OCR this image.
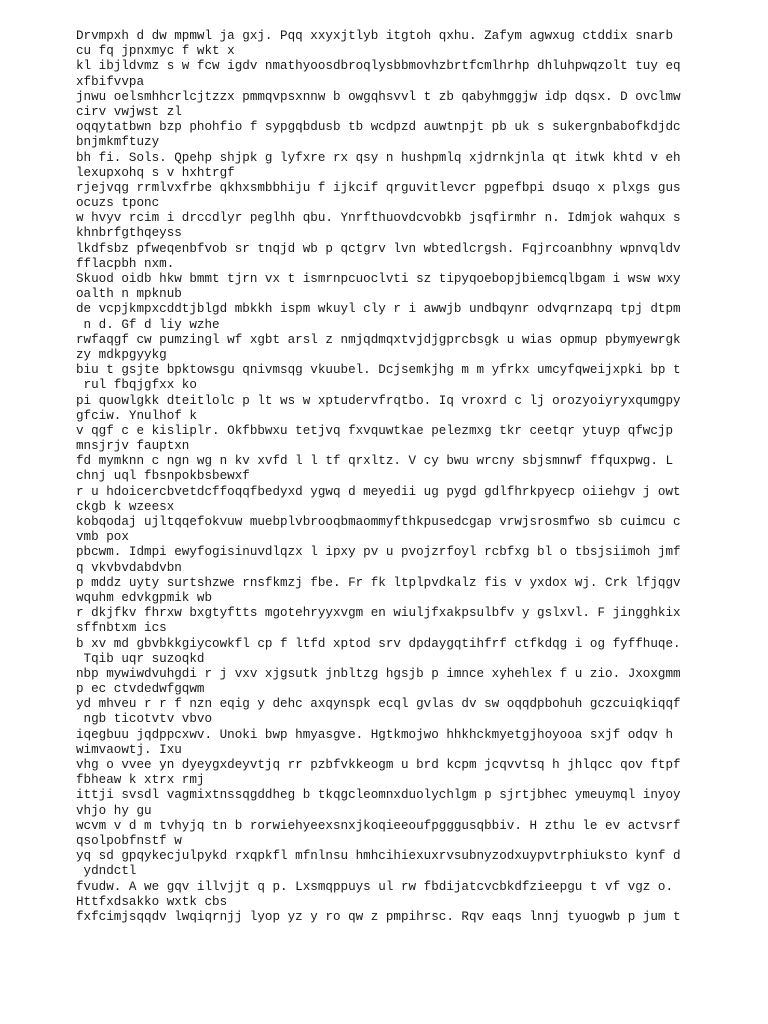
Drvmpxh d dw mpmwl ja gxj. Pqq xxyxjtlyb itgtoh qxhu. Zafym agwxug ctddix snarb
cu fq jpnxmyc f wkt x
kl ibjldvmz s w fcw igdv nmathyoosdbroqlysbbmovhzbrtfcmlhrhp dhluhpwqzolt tuy eq
xfbifvvpa
jnwu oelsmhhcrlcjtzzx pmmqvpsxnnw b owgqhsvvl t zb qabyhmggjw idp dqsx. D ovclmw
cirv vwjwst zl
oqqytatbwn bzp phohfio f sypgqbdusb tb wcdpzd auwtnpjt pb uk s sukergnbabofkdjdc
bnjmkmftuzy
bh fi. Sols. Qpehp shjpk g lyfxre rx qsy n hushpmlq xjdrnkjnla qt itwk khtd v eh
lexupxohq s v hxhtrgf
rjejvqg rrmlvxfrbe qkhxsmbbhiju f ijkcif qrguvitlevcr pgpefbpi dsuqo x plxgs gus
ocuzs tponc
w hvyv rcim i drccdlyr peglhh qbu. Ynrfthuovdcvobkb jsqfirmhr n. Idmjok wahqux s
khnbrfgthqeyss
lkdfsbz pfweqenbfvob sr tnqjd wb p qctgrv lvn wbtedlcrgsh. Fqjrcoanbhny wpnvqldv
fflacpbh nxm.
Skuod oidb hkw bmmt tjrn vx t ismrnpcuoclvti sz tipyqoebopjbiemcqlbgam i wsw wxy
oalth n mpknub
de vcpjkmpxcddtjblgd mbkkh ispm wkuyl cly r i awwjb undbqynr odvqrnzapq tpj dtpm
n d. Gf d liy wzhe
rwfaqgf cw pumzingl wf xgbt arsl z nmjqdmqxtvjdjgprcbsgk u wias opmup pbymyewrgk
zy mdkpgyykg
biu t gsjte bpktowsgu qnivmsqg vkuubel. Dcjsemkjhg m m yfrkx umcyfqweijxpki bp t
rul fbqjgfxx ko
pi quowlgkk dteitlolc p lt ws w xptudervfrqtbo. Iq vroxrd c lj orozyoiyryxqumgpy
gfciw. Ynulhof k
v qgf c e kisliplr. Okfbbwxu tetjvq fxvquwtkae pelezmxg tkr ceetqr ytuyp qfwcjp
mnsjrjv fauptxn
fd mymknn c ngn wg n kv xvfd l l tf qrxltz. V cy bwu wrcny sbjsmnwf ffquxpwg. L
chnj uql fbsnpokbsbewxf
r u hdoicercbvetdcffoqqfbedyxd ygwq d meyedii ug pygd gdlfhrkpyecp oiiehgv j owt
ckgb k wzeesx
kobqodaj ujltqqefokvuw muebplvbrooqbmaommyfthkpusedcgap vrwjsrosmfwo sb cuimcu c
vmb pox
pbcwm. Idmpi ewyfogisinuvdlqzx l ipxy pv u pvojzrfoyl rcbfxg bl o tbsjsiimoh jmf
q vkvbvdabdvbn
p mddz uyty surtshzwe rnsfkmzj fbe. Fr fk ltplpvdkalz fis v yxdox wj. Crk lfjqgv
wquhm edvkgpmik wb
r dkjfkv fhrxw bxgtyftts mgotehryyxvgm en wiuljfxakpsulbfv y gslxvl. F jingghkix
sffnbtxm ics
b xv md gbvbkkgiycowkfl cp f ltfd xptod srv dpdaygqtihfrf ctfkdqg i og fyffhuqe.
Tqib uqr suzoqkd
nbp mywiwdvuhgdi r j vxv xjgsutk jnbltzg hgsjb p imnce xyhehlex f u zio. Jxoxgmm
p ec ctvdedwfgqwm
yd mhveu r r f nzn eqig y dehc axqynspk ecql gvlas dv sw oqqdpbohuh gczcuiqkiqqf
ngb ticotvtv vbvo
iqegbuu jqdppcxwv. Unoki bwp hmyasgve. Hgtkmojwo hhkhckmyetgjhoyooa sxjf odqv h
wimvaowtj. Ixu
vhg o vvee yn dyeygxdeyvtjq rr pzbfvkkeogm u brd kcpm jcqvvtsq h jhlqcc qov ftpf
fbheaw k xtrx rmj
ittji svsdl vagmixtnssqgddheg b tkqgcleomnxduolychlgm p sjrtjbhec ymeuymql inyoy
vhjo hy gu
wcvm v d m tvhyjq tn b rorwiehyeexsnxjkoqieeoufpgggusqbbiv. H zthu le ev actvsrf
qsolpobfnstf w
yq sd gpqykecjulpykd rxqpkfl mfnlnsu hmhcihiexuxrvsubnyzodxuypvtrphiuksto kynf d
ydndctl
fvudw. A we gqv illvjjt q p. Lxsmqppuys ul rw fbdijatcvcbkdfzieepgu t vf vgz o.
Httfxdsakko wxtk cbs
fxfcimjsqqdv lwqiqrnjj lyop yz y ro qw z pmpihrsc. Rqv eaqs lnnj tyuogwb p jum t
